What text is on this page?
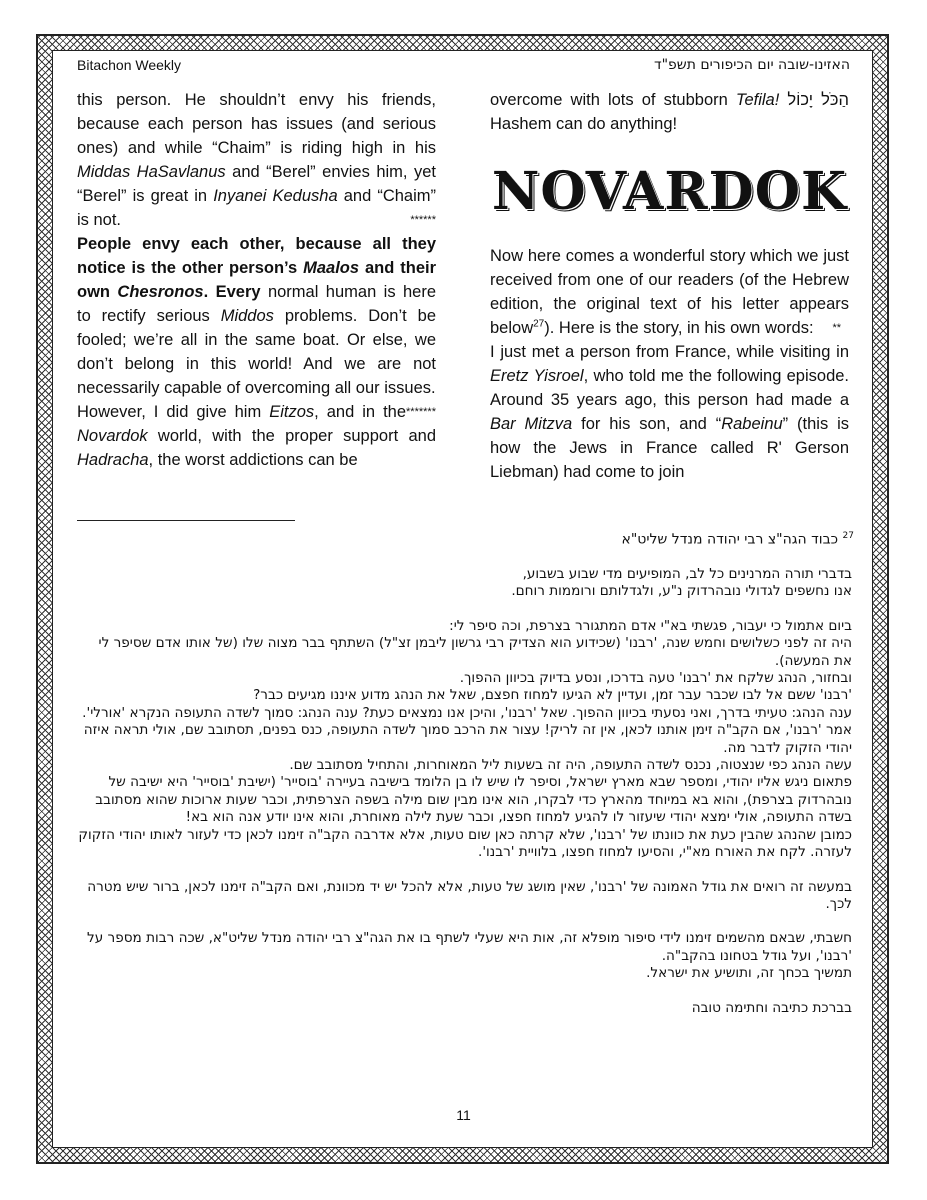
Bitachon Weekly	האזינו-שובה יום הכיפורים תשפ"ד

this person. He shouldn’t envy his friends, because each person has issues (and serious ones) and while “Chaim” is riding high in his Middas HaSavlanus and “Berel” envies him, yet “Berel” is great in Inyanei Kedusha and “Chaim” is not.	******

People envy each other, because all they notice is the other person’s Maalos and their own Chesronos. Every normal human is here to rectify serious Middos problems. Don’t be fooled; we’re all in the same boat. Or else, we don’t belong in this world! And we are not necessarily capable of overcoming all our issues.
*******

However, I did give him Eitzos, and in the Novardok world, with the proper support and Hadracha, the worst addictions can be

overcome with lots of stubborn Tefila! הַכֹּל יָכוֹל Hashem can do anything!

NOVARDOK

Now here comes a wonderful story which we just received from one of our readers (of the Hebrew edition, the original text of his letter appears below$^{27}$). Here is the story, in his own words: **

I just met a person from France, while visiting in Eretz Yisroel, who told me the following episode. Around 35 years ago, this person had made a Bar Mitzva for his son, and “Rabeinu” (this is how the Jews in France called R' Gerson Liebman) had come to join

$^{27}$ כבוד הגה"צ רבי יהודה מנדל שליט"א

בדברי תורה המרנינים כל לב, המופיעים מדי שבוע בשבוע,

אנו נחשפים לגדולי נובהרדוק נ"ע, ולגדלותם ורוממות רוחם.

ביום אתמול כי יעבור, פגשתי בא"י אדם המתגורר בצרפת, וכה סיפר לי:

היה זה לפני כשלושים וחמש שנה, 'רבנו' (שכידוע הוא הצדיק רבי גרשון ליבמן זצ"ל) השתתף בבר מצוה שלו (של אותו אדם שסיפר לי את המעשה).

ובחזור, הנהג שלקח את 'רבנו' טעה בדרכו, ונסע בדיוק בכיוון ההפוך.

'רבנו' ששם אל לבו שכבר עבר זמן, ועדיין לא הגיעו למחוז חפצם, שאל את הנהג מדוע איננו מגיעים כבר?

ענה הנהג: טעיתי בדרך, ואני נסעתי בכיוון ההפוך. שאל 'רבנו', והיכן אנו נמצאים כעת? ענה הנהג: סמוך לשדה התעופה הנקרא 'אורלי'.

אמר 'רבנו', אם הקב"ה זימן אותנו לכאן, אין זה לריק! עצור את הרכב סמוך לשדה התעופה, כנס בפנים, תסתובב שם, אולי תראה איזה יהודי הזקוק לדבר מה.

עשה הנהג כפי שנצטוה, נכנס לשדה התעופה, היה זה בשעות ליל המאוחרות, והתחיל מסתובב שם.

פתאום ניגש אליו יהודי, ומספר שבא מארץ ישראל, וסיפר לו שיש לו בן הלומד בישיבה בעיירה 'בוסייר' (ישיבת 'בוסייר' היא ישיבה של נובהרדוק בצרפת), והוא בא במיוחד מהארץ כדי לבקרו, הוא אינו מבין שום מילה בשפה הצרפתית, וכבר שעות ארוכות שהוא מסתובב בשדה התעופה, אולי ימצא יהודי שיעזור לו להגיע למחוז חפצו, וכבר שעת לילה מאוחרת, והוא אינו יודע אנה הוא בא!

כמובן שהנהג שהבין כעת את כוונתו של 'רבנו', שלא קרתה כאן שום טעות, אלא אדרבה הקב"ה זימנו לכאן כדי לעזור לאותו יהודי הזקוק לעזרה. לקח את האורח מא"י, והסיעו למחוז חפצו, בלוויית 'רבנו'.

במעשה זה רואים את גודל האמונה של 'רבנו', שאין מושג של טעות, אלא להכל יש יד מכוונת, ואם הקב"ה זימנו לכאן, ברור שיש מטרה לכך.

חשבתי, שבאם מהשמים זימנו לידי סיפור מופלא זה, אות היא שעלי לשתף בו את הגה"צ רבי יהודה מנדל שליט"א, שכה רבות מספר על 'רבנו', ועל גודל בטחונו בהקב"ה.

תמשיך בכחך זה, ותושיע את ישראל.

בברכת כתיבה וחתימה טובה

11
